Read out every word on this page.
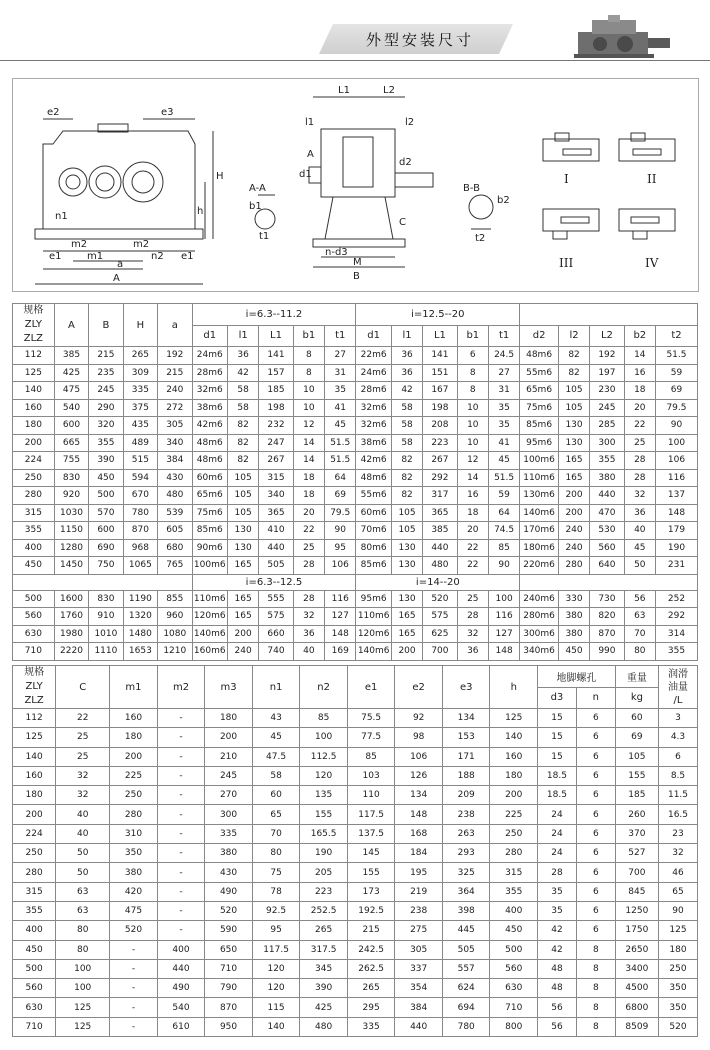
外型安装尺寸
e2	e3
H
h
n1
m2	m2
e1	m1
a
n2 e1
A
A-A
b1
t1
L1	L2
l1	l2
A
d1
d2
C
n-d3
M
B
B-B
b2
t2
I	II
III	IV
规格
ZLY
ZLZ	A	B	H	a	i=6.3--11.2					i=12.5--20									
					d1	l1	L1	b1	t1	d1	l1	L1	b1	t1	d2	l2	L2	b2	t2
112	385	215	265	192	24m6	36	141	8	27	22m6	36	141	6	24.5	48m6	82	192	14	51.5
125	425	235	309	215	28m6	42	157	8	31	24m6	36	151	8	27	55m6	82	197	16	59
140	475	245	335	240	32m6	58	185	10	35	28m6	42	167	8	31	65m6	105	230	18	69
160	540	290	375	272	38m6	58	198	10	41	32m6	58	198	10	35	75m6	105	245	20	79.5
180	600	320	435	305	42m6	82	232	12	45	32m6	58	208	10	35	85m6	130	285	22	90
200	665	355	489	340	48m6	82	247	14	51.5	38m6	58	223	10	41	95m6	130	300	25	100
224	755	390	515	384	48m6	82	267	14	51.5	42m6	82	267	12	45	100m6	165	355	28	106
250	830	450	594	430	60m6	105	315	18	64	48m6	82	292	14	51.5	110m6	165	380	28	116
280	920	500	670	480	65m6	105	340	18	69	55m6	82	317	16	59	130m6	200	440	32	137
315	1030	570	780	539	75m6	105	365	20	79.5	60m6	105	365	18	64	140m6	200	470	36	148
355	1150	600	870	605	85m6	130	410	22	90	70m6	105	385	20	74.5	170m6	240	530	40	179
400	1280	690	968	680	90m6	130	440	25	95	80m6	130	440	22	85	180m6	240	560	45	190
450	1450	750	1065	765	100m6	165	505	28	106	85m6	130	480	22	90	220m6	280	640	50	231
					i=6.3--12.5					i=14--20									
500	1600	830	1190	855	110m6	165	555	28	116	95m6	130	520	25	100	240m6	330	730	56	252
560	1760	910	1320	960	120m6	165	575	32	127	110m6	165	575	28	116	280m6	380	820	63	292
630	1980	1010	1480	1080	140m6	200	660	36	148	120m6	165	625	32	127	300m6	380	870	70	314
710	2220	1110	1653	1210	160m6	240	740	40	169	140m6	200	700	36	148	340m6	450	990	80	355
规格
ZLY
ZLZ	C	m1	m2	m3	n1	n2	e1	e2	e3	h	地脚螺孔		重量	润滑
油量
/L
											d3	n	kg	
112	22	160	-	180	43	85	75.5	92	134	125	15	6	60	3
125	25	180	-	200	45	100	77.5	98	153	140	15	6	69	4.3
140	25	200	-	210	47.5	112.5	85	106	171	160	15	6	105	6
160	32	225	-	245	58	120	103	126	188	180	18.5	6	155	8.5
180	32	250	-	270	60	135	110	134	209	200	18.5	6	185	11.5
200	40	280	-	300	65	155	117.5	148	238	225	24	6	260	16.5
224	40	310	-	335	70	165.5	137.5	168	263	250	24	6	370	23
250	50	350	-	380	80	190	145	184	293	280	24	6	527	32
280	50	380	-	430	75	205	155	195	325	315	28	6	700	46
315	63	420	-	490	78	223	173	219	364	355	35	6	845	65
355	63	475	-	520	92.5	252.5	192.5	238	398	400	35	6	1250	90
400	80	520	-	590	95	265	215	275	445	450	42	6	1750	125
450	80	-	400	650	117.5	317.5	242.5	305	505	500	42	8	2650	180
500	100	-	440	710	120	345	262.5	337	557	560	48	8	3400	250
560	100	-	490	790	120	390	265	354	624	630	48	8	4500	350
630	125	-	540	870	115	425	295	384	694	710	56	8	6800	350
710	125	-	610	950	140	480	335	440	780	800	56	8	8509	520
